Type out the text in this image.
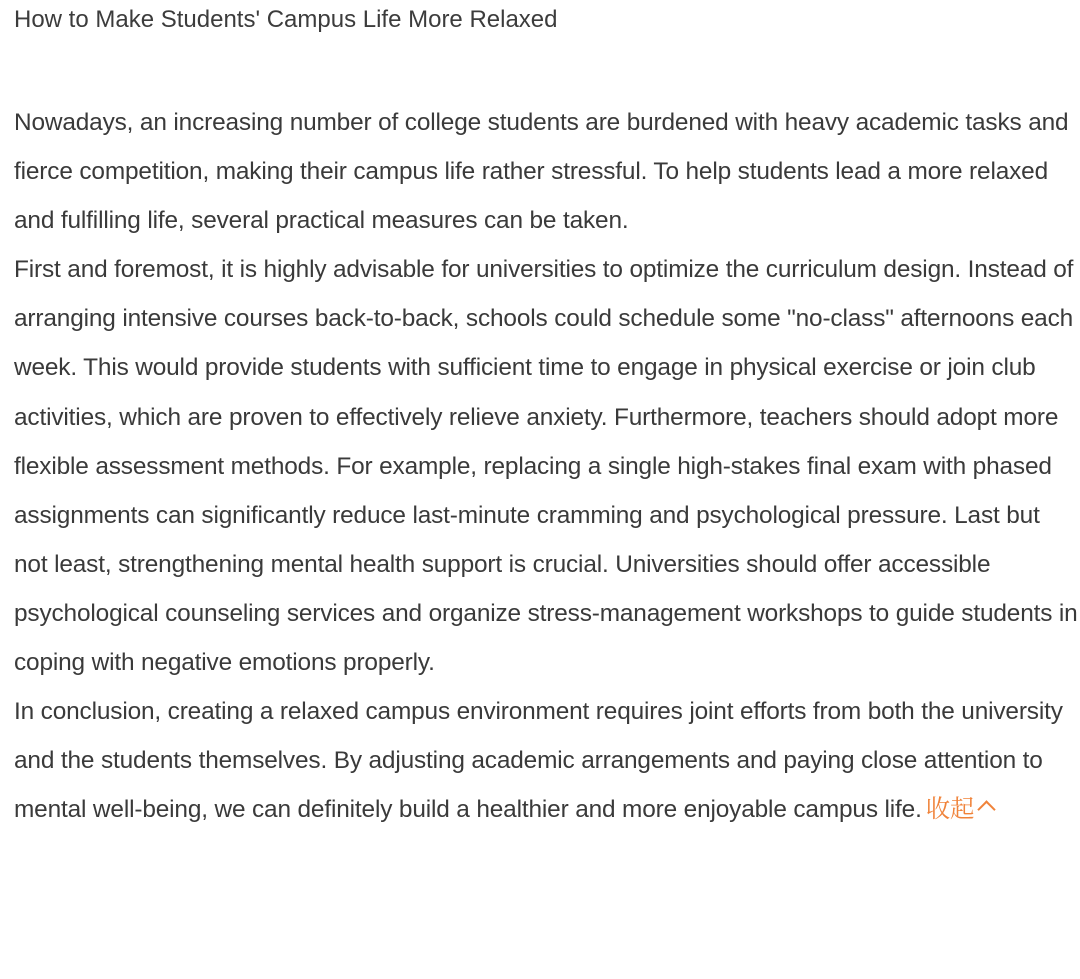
How to Make Students' Campus Life More Relaxed

Nowadays, an increasing number of college students are burdened with heavy academic tasks and fierce competition, making their campus life rather stressful. To help students lead a more relaxed and fulfilling life, several practical measures can be taken.

First and foremost, it is highly advisable for universities to optimize the curriculum design. Instead of arranging intensive courses back-to-back, schools could schedule some "no-class" afternoons each week. This would provide students with sufficient time to engage in physical exercise or join club activities, which are proven to effectively relieve anxiety. Furthermore, teachers should adopt more flexible assessment methods. For example, replacing a single high-stakes final exam with phased assignments can significantly reduce last-minute cramming and psychological pressure. Last but not least, strengthening mental health support is crucial. Universities should offer accessible psychological counseling services and organize stress-management workshops to guide students in coping with negative emotions properly.

In conclusion, creating a relaxed campus environment requires joint efforts from both the university and the students themselves. By adjusting academic arrangements and paying close attention to mental well-being, we can definitely build a healthier and more enjoyable campus life. 收起
